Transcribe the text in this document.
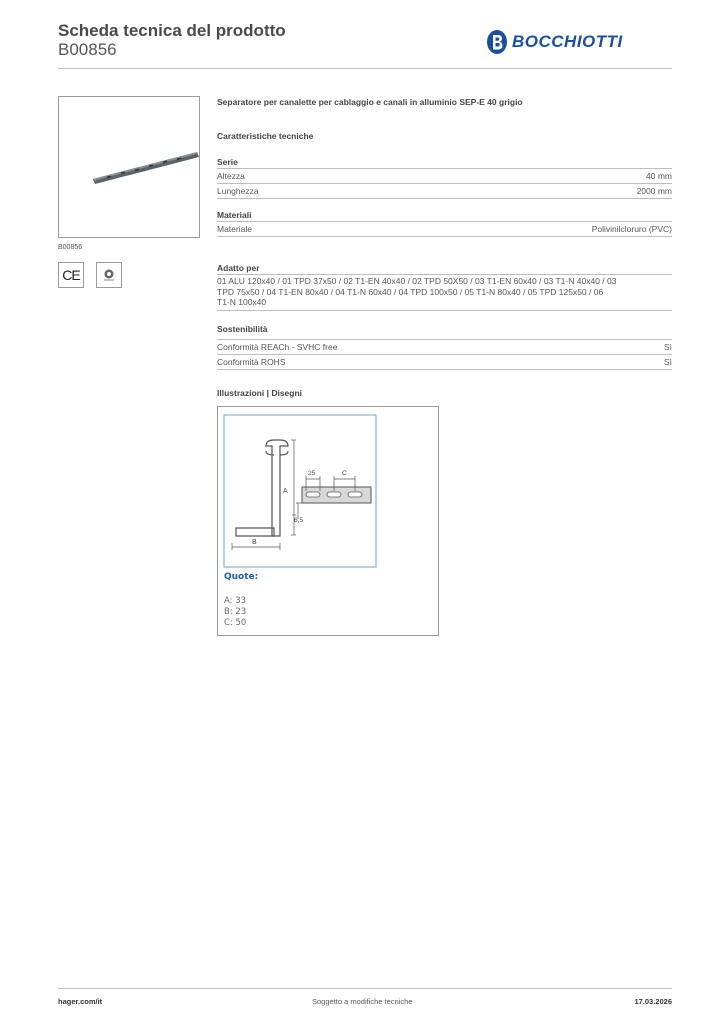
Scheda tecnica del prodotto
B00856	BOCCHIOTTI
B00856
CE
Separatore per canalette per cablaggio e canali in alluminio SEP-E 40 grigio
Caratteristiche tecniche
Serie
Altezza	40 mm
Lunghezza	2000 mm
Materiali
Materiale	Polivinilcloruro (PVC)
Adatto per
01 ALU 120x40 / 01 TPD 37x50 / 02 T1-EN 40x40 / 02 TPD 50X50 / 03 T1-EN 60x40 / 03 T1-N 40x40 / 03
TPD 75x50 / 04 T1-EN 80x40 / 04 T1-N 60x40 / 04 TPD 100x50 / 05 T1-N 80x40 / 05 TPD 125x50 / 06
T1-N 100x40
Sostenibilità
Conformità REACh - SVHC free	Sì
Conformità ROHS	Sì
Illustrazioni | Disegni
A
B
25	C
6,5
Quote:
A: 33
B: 23
C: 50
hager.com/it	Soggetto a modifiche tecniche	17.03.2026
